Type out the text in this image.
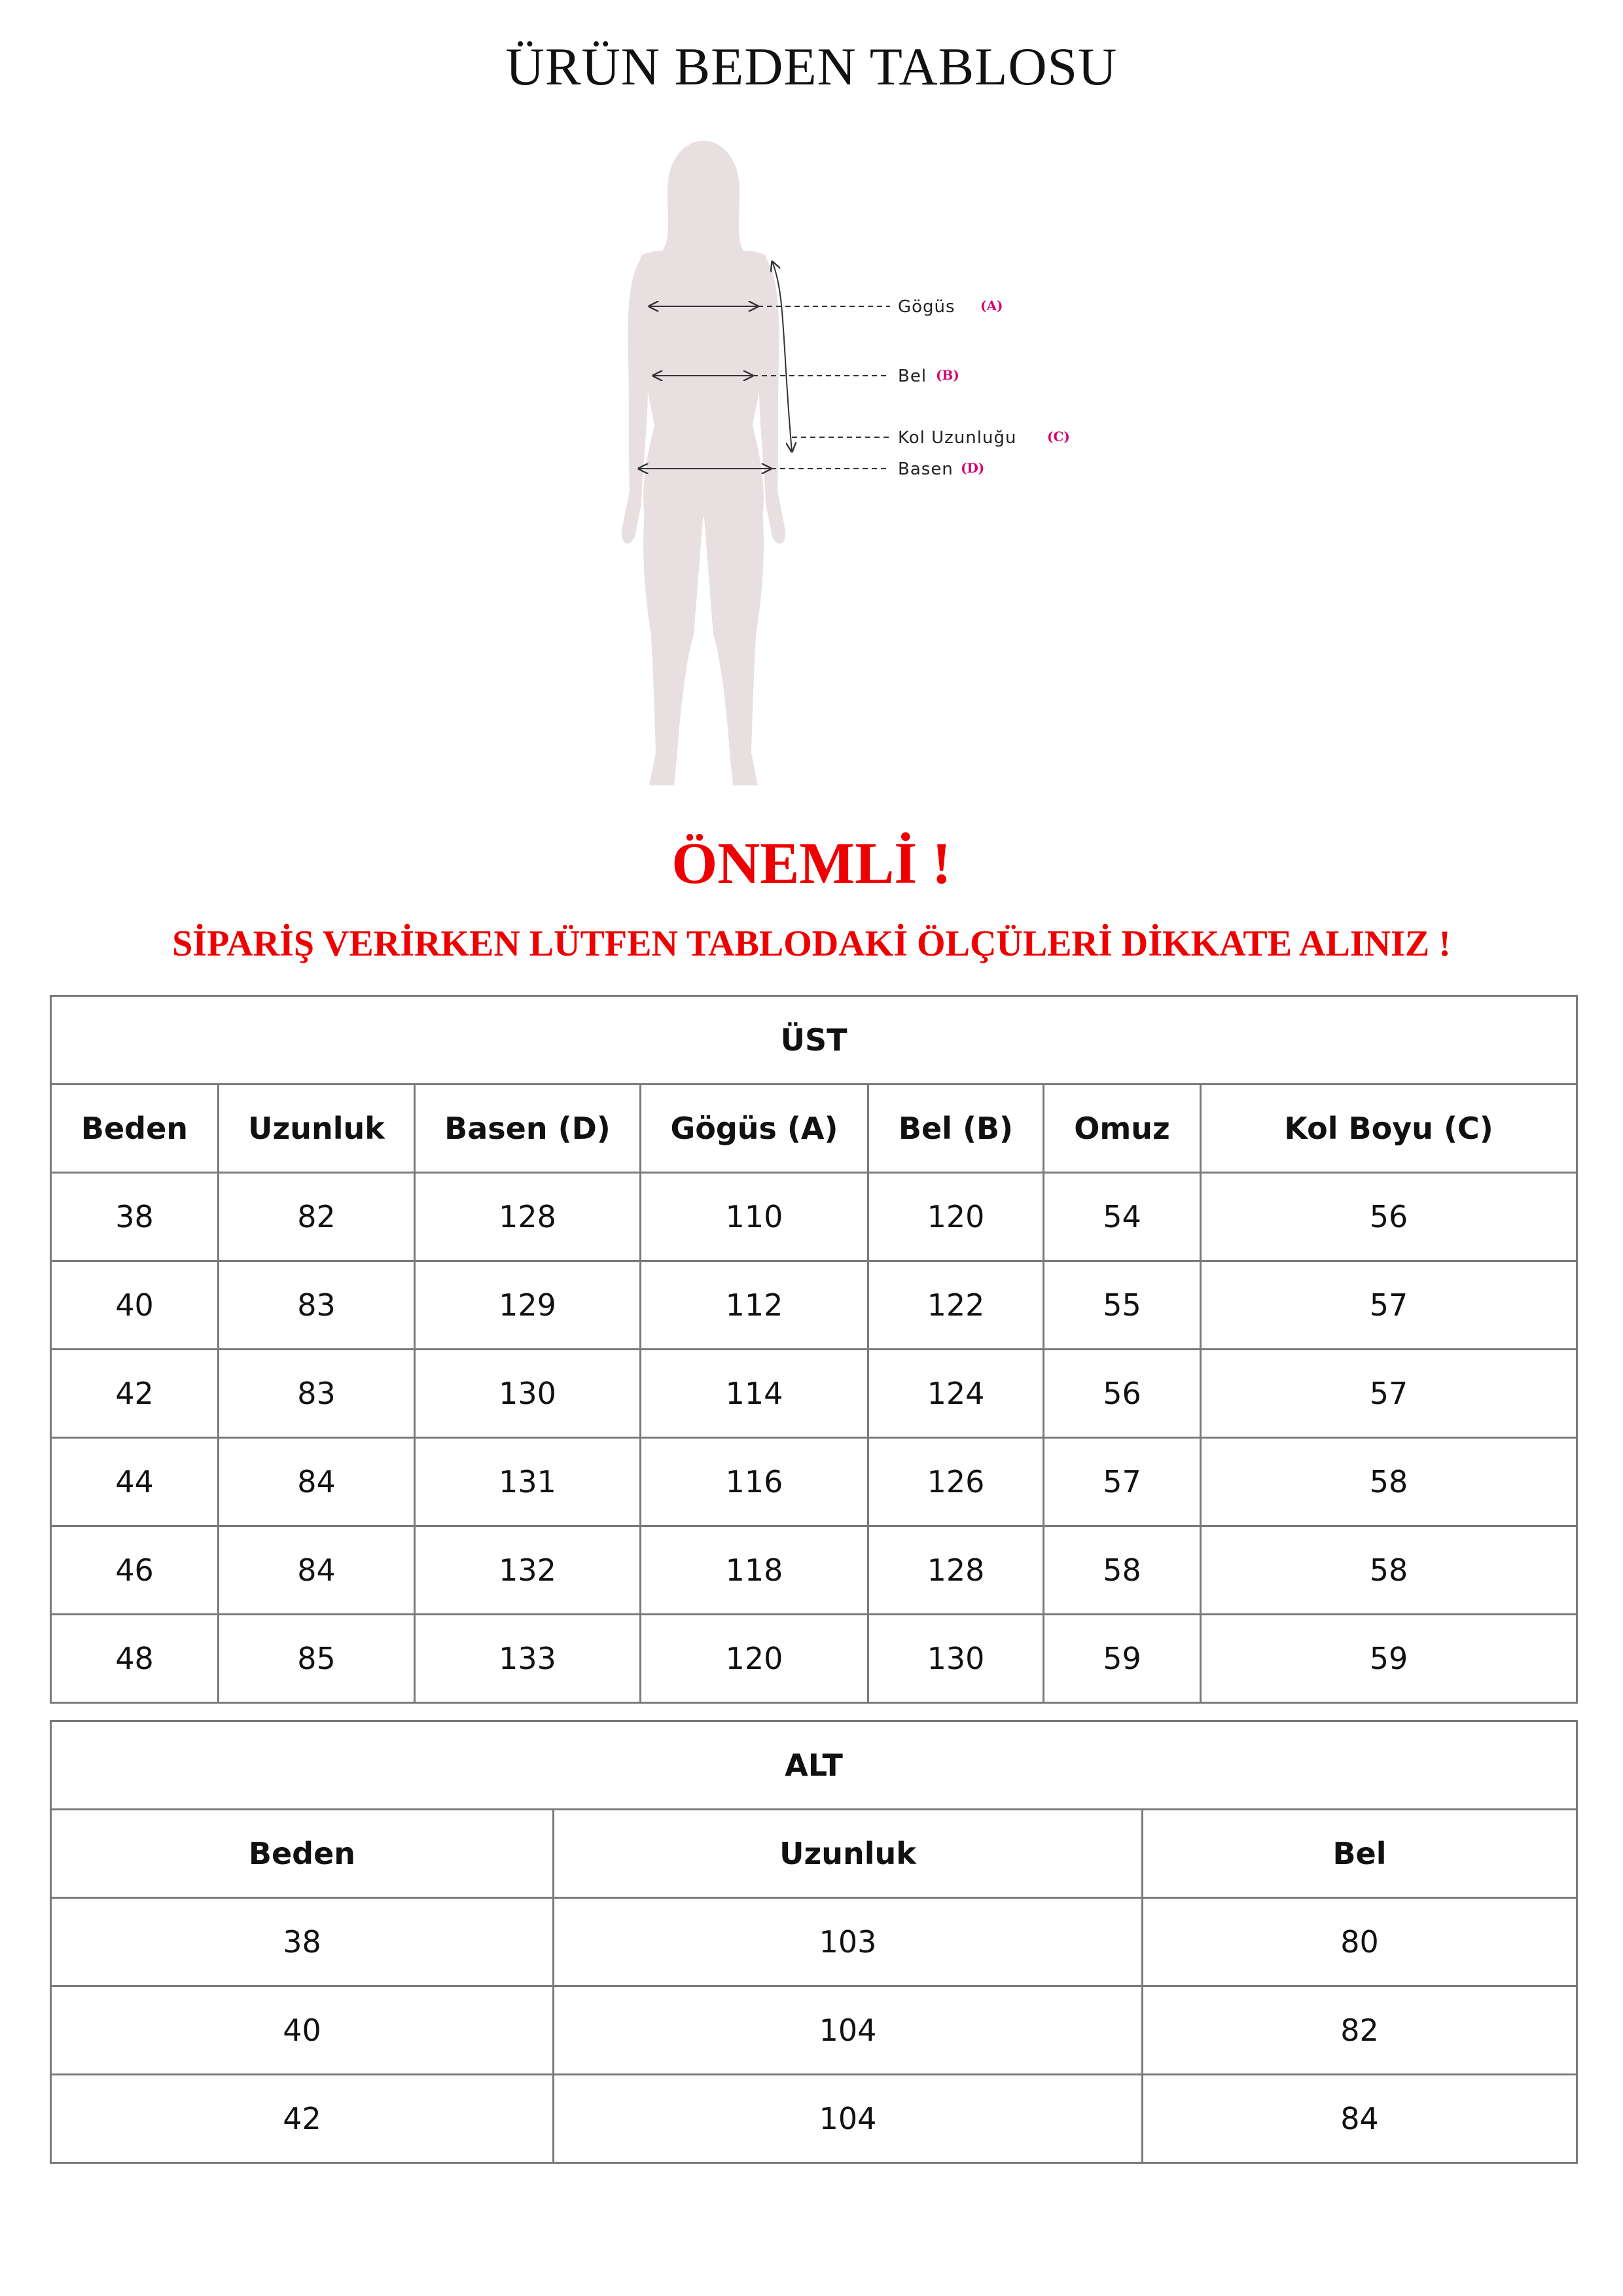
ÜRÜN BEDEN TABLOSU
Gögüs (A)
Bel (B)
Kol Uzunluğu (C)
Basen (D)
ÖNEMLİ !
SİPARİŞ VERİRKEN LÜTFEN TABLODAKİ ÖLÇÜLERİ DİKKATE ALINIZ !
ÜST						
Beden	Uzunluk	Basen (D)	Gögüs (A)	Bel (B)	Omuz	Kol Boyu (C)
38	82	128	110	120	54	56
40	83	129	112	122	55	57
42	83	130	114	124	56	57
44	84	131	116	126	57	58
46	84	132	118	128	58	58
48	85	133	120	130	59	59
ALT		
Beden	Uzunluk	Bel
38	103	80
40	104	82
42	104	84
